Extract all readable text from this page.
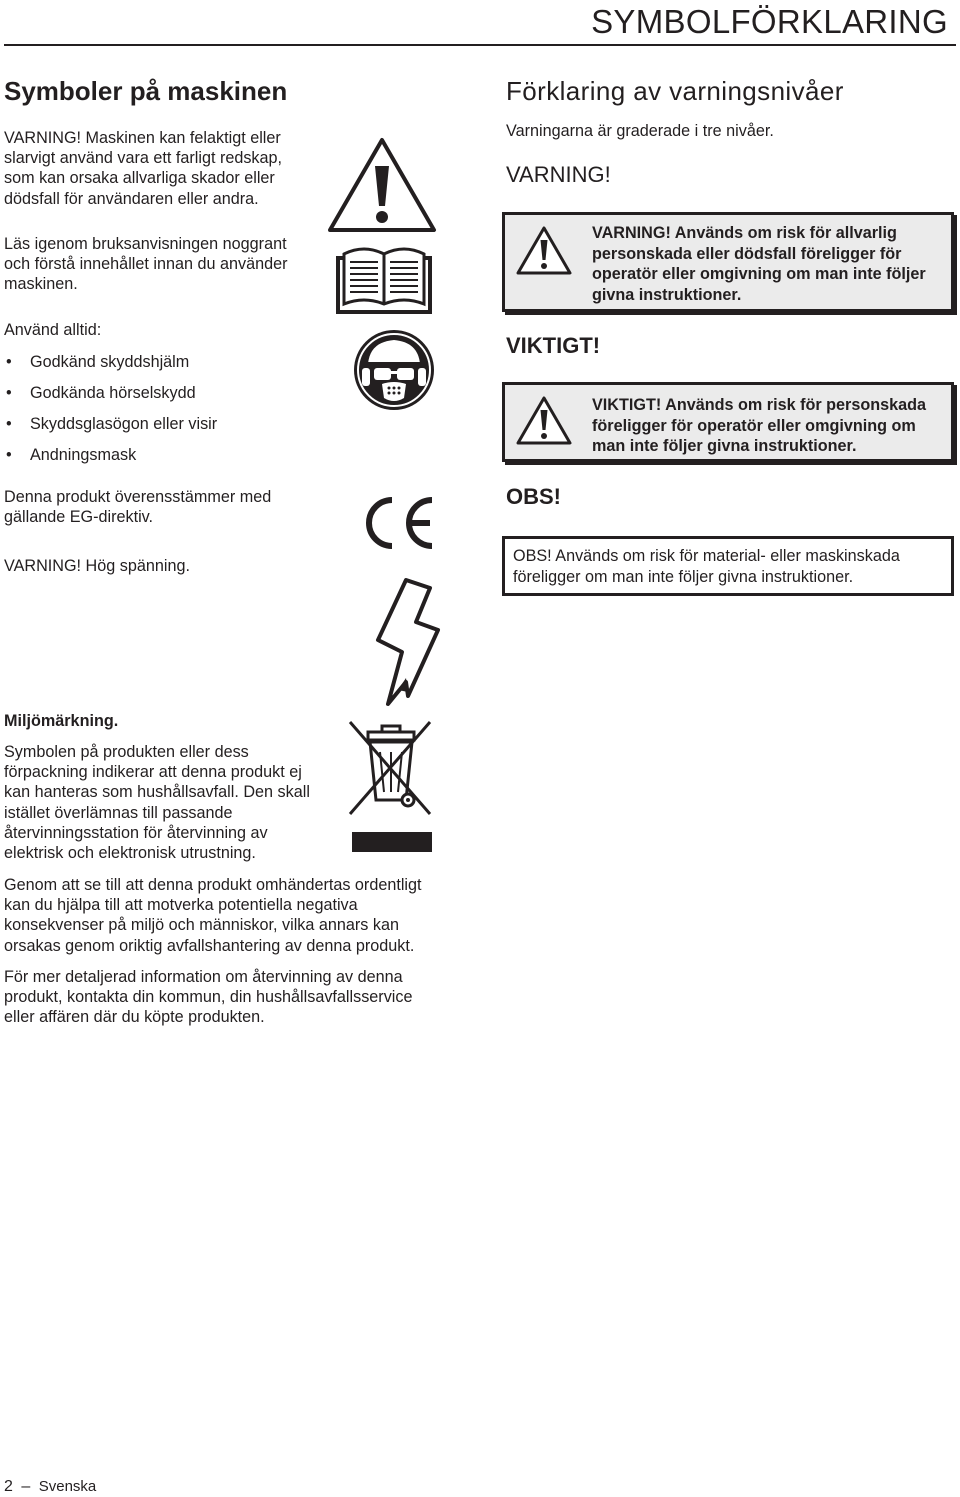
SYMBOLFÖRKLARING
Symboler på maskinen
VARNING! Maskinen kan felaktigt eller slarvigt använd vara ett farligt redskap, som kan orsaka allvarliga skador eller dödsfall för användaren eller andra.
Läs igenom bruksanvisningen noggrant och förstå innehållet innan du använder maskinen.
Använd alltid:
• Godkänd skyddshjälm
• Godkända hörselskydd
• Skyddsglasögon eller visir
• Andningsmask
Denna produkt överensstämmer med gällande EG-direktiv.
VARNING! Hög spänning.
Förklaring av varningsnivåer
Varningarna är graderade i tre nivåer.
VARNING!
VARNING! Används om risk för allvarlig personskada eller dödsfall föreligger för operatör eller omgivning om man inte följer givna instruktioner.
VIKTIGT!
VIKTIGT! Används om risk för personskada föreligger för operatör eller omgivning om man inte följer givna instruktioner.
OBS!
OBS! Används om risk för material- eller maskinskada föreligger om man inte följer givna instruktioner.
Miljömärkning.
Symbolen på produkten eller dess förpackning indikerar att denna produkt ej kan hanteras som hushållsavfall. Den skall istället överlämnas till passande återvinningsstation för återvinning av elektrisk och elektronisk utrustning.
Genom att se till att denna produkt omhändertas ordentligt kan du hjälpa till att motverka potentiella negativa konsekvenser på miljö och människor, vilka annars kan orsakas genom oriktig avfallshantering av denna produkt.
För mer detaljerad information om återvinning av denna produkt, kontakta din kommun, din hushållsavfallsservice eller affären där du köpte produkten.
2 – Svenska
